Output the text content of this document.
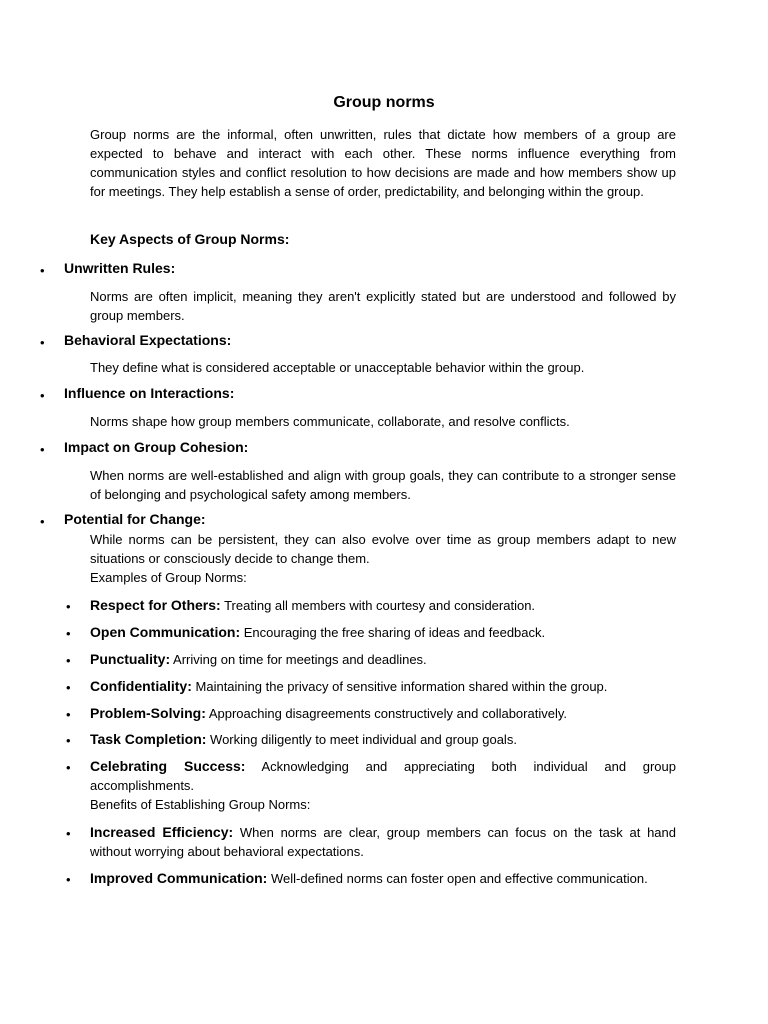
Group norms
Group norms are the informal, often unwritten, rules that dictate how members of a group are expected to behave and interact with each other. These norms influence everything from communication styles and conflict resolution to how decisions are made and how members show up for meetings. They help establish a sense of order, predictability, and belonging within the group.
Key Aspects of Group Norms:
• Unwritten Rules:
Norms are often implicit, meaning they aren't explicitly stated but are understood and followed by group members.
• Behavioral Expectations:
They define what is considered acceptable or unacceptable behavior within the group.
• Influence on Interactions:
Norms shape how group members communicate, collaborate, and resolve conflicts.
• Impact on Group Cohesion:
When norms are well-established and align with group goals, they can contribute to a stronger sense of belonging and psychological safety among members.
• Potential for Change:
While norms can be persistent, they can also evolve over time as group members adapt to new situations or consciously decide to change them.
Examples of Group Norms:
• Respect for Others: Treating all members with courtesy and consideration.
• Open Communication: Encouraging the free sharing of ideas and feedback.
• Punctuality: Arriving on time for meetings and deadlines.
• Confidentiality: Maintaining the privacy of sensitive information shared within the group.
• Problem-Solving: Approaching disagreements constructively and collaboratively.
• Task Completion: Working diligently to meet individual and group goals.
• Celebrating Success: Acknowledging and appreciating both individual and group accomplishments.
Benefits of Establishing Group Norms:
• Increased Efficiency: When norms are clear, group members can focus on the task at hand without worrying about behavioral expectations.
• Improved Communication: Well-defined norms can foster open and effective communication.
